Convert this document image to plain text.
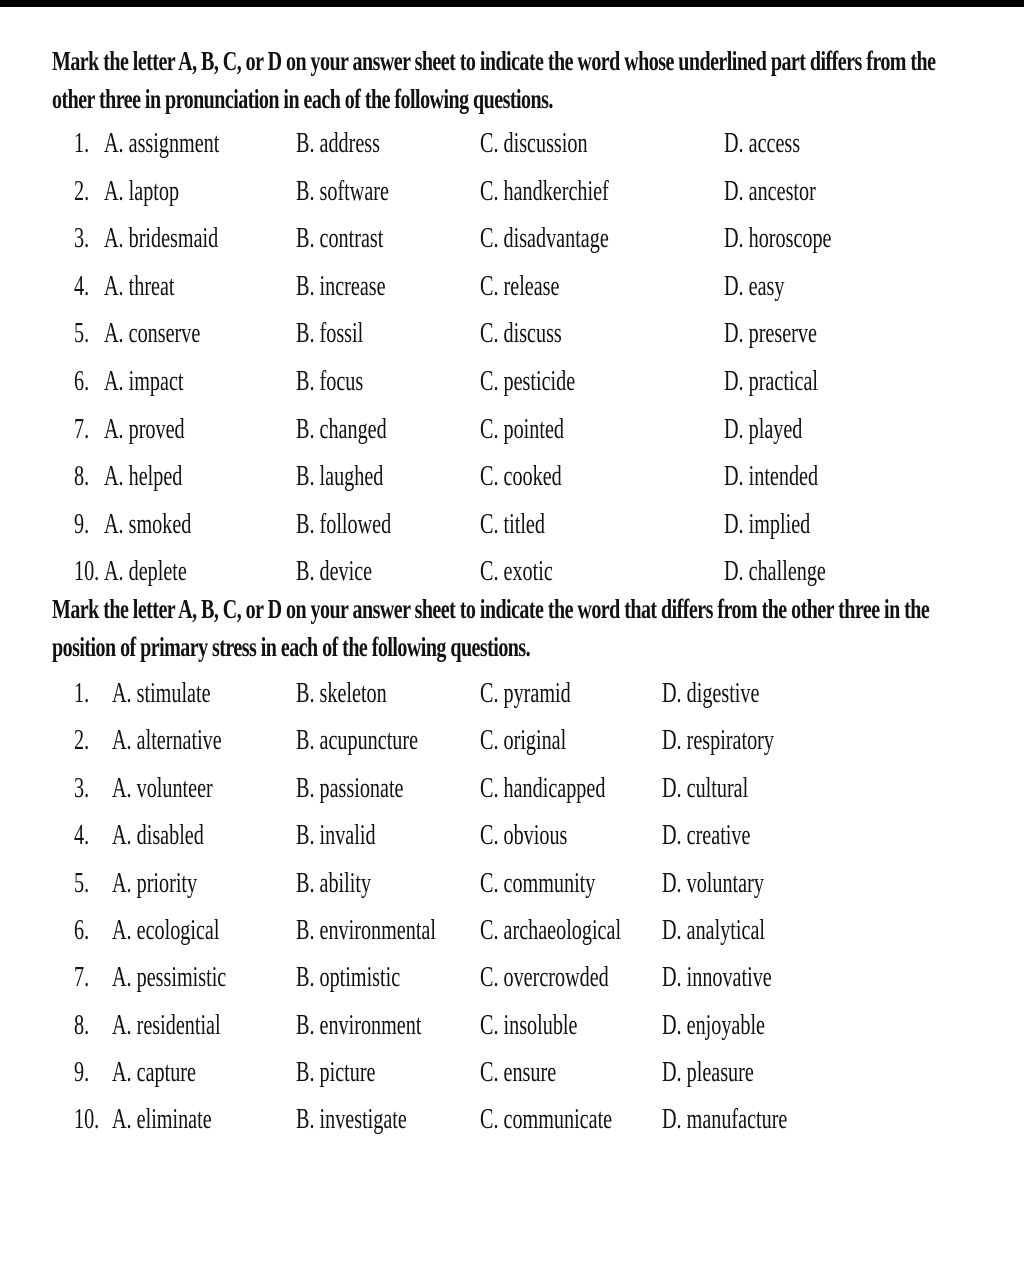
Mark the letter A, B, C, or D on your answer sheet to indicate the word whose underlined part differs from the other three in pronunciation in each of the following questions.

1. A. assignment	B. address	C. discussion	D. access
2. A. laptop	B. software	C. handkerchief	D. ancestor
3. A. bridesmaid	B. contrast	C. disadvantage	D. horoscope
4. A. threat	B. increase	C. release	D. easy
5. A. conserve	B. fossil	C. discuss	D. preserve
6. A. impact	B. focus	C. pesticide	D. practical
7. A. proved	B. changed	C. pointed	D. played
8. A. helped	B. laughed	C. cooked	D. intended
9. A. smoked	B. followed	C. titled	D. implied
10. A. deplete	B. device	C. exotic	D. challenge

Mark the letter A, B, C, or D on your answer sheet to indicate the word that differs from the other three in the position of primary stress in each of the following questions.

1. A. stimulate	B. skeleton	C. pyramid	D. digestive
2. A. alternative	B. acupuncture C. original	D. respiratory
3. A. volunteer	B. passionate	C. handicapped D. cultural
4. A. disabled	B. invalid	C. obvious	D. creative
5. A. priority	B. ability	C. community D. voluntary
6. A. ecological	B. environmental C. archaeological D. analytical
7. A. pessimistic B. optimistic	C. overcrowded D. innovative
8. A. residential	B. environment C. insoluble	D. enjoyable
9. A. capture	B. picture	C. ensure	D. pleasure
10. A. eliminate	B. investigate	C. communicate D. manufacture
